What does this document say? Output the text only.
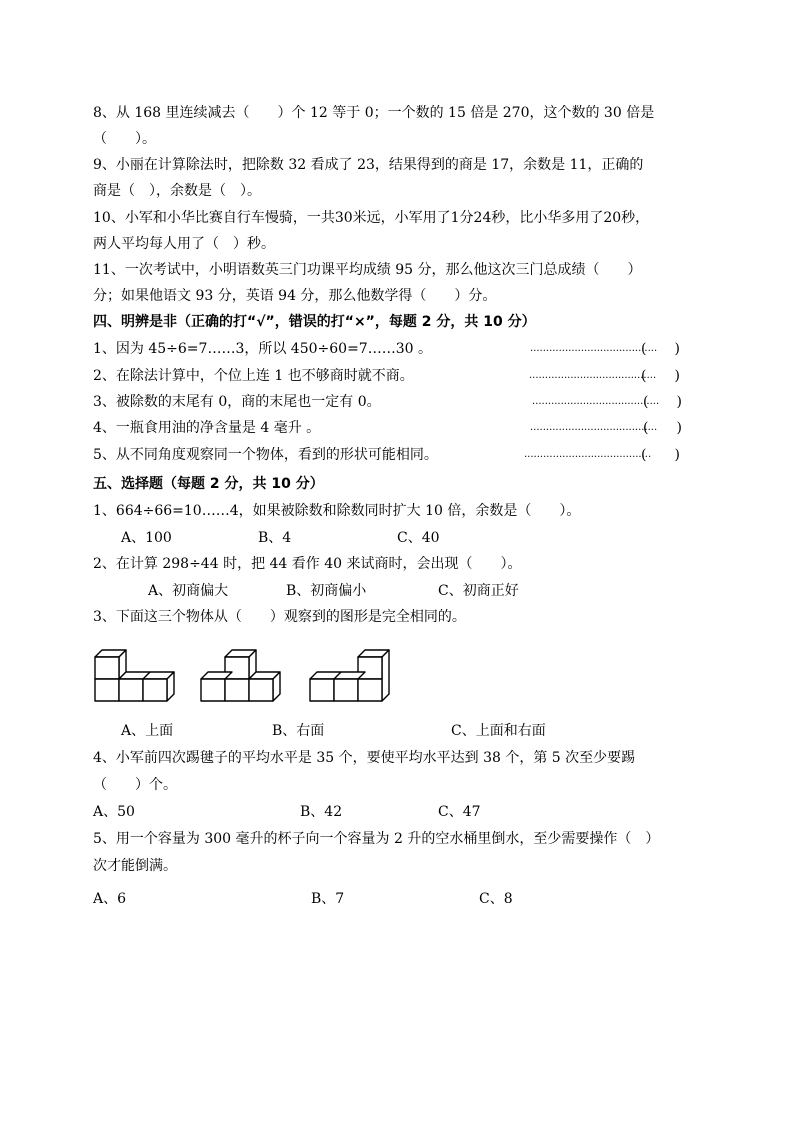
8、从 168 里连续减去（　　）个 12 等于 0；一个数的 15 倍是 270，这个数的 30 倍是
（　　）。
9、小丽在计算除法时，把除数 32 看成了 23，结果得到的商是 17，余数是 11，正确的
商是（　），余数是（　）。
10、小军和小华比赛自行车慢骑，一共30米远，小军用了1分24秒，比小华多用了20秒，
两人平均每人用了（　）秒。
11、一次考试中，小明语数英三门功课平均成绩 95 分，那么他这次三门总成绩（　　）
分；如果他语文 93 分，英语 94 分，那么他数学得（　　）分。
四、明辨是非（正确的打“√”，错误的打“×”，每题 2 分，共 10 分）
1、因为 45÷6=7……3，所以 450÷60=7……30 。	........................................
(　　)
2、在除法计算中，个位上连 1 也不够商时就不商。	........................................
(　　)
3、被除数的末尾有 0，商的末尾也一定有 0。	........................................
(　　)
4、一瓶食用油的净含量是 4 毫升 。	........................................
(　　)
5、从不同角度观察同一个物体，看到的形状可能相同。	........................................
(　　)
五、选择题（每题 2 分，共 10 分）
1、664÷66=10……4，如果被除数和除数同时扩大 10 倍，余数是（　　）。
A、100	B、4	C、40
2、在计算 298÷44 时，把 44 看作 40 来试商时，会出现（　　）。
A、初商偏大	B、初商偏小	C、初商正好
3、下面这三个物体从（　　）观察到的图形是完全相同的。
A、上面	B、右面	C、上面和右面
4、小军前四次踢毽子的平均水平是 35 个，要使平均水平达到 38 个，第 5 次至少要踢
（　　）个。
A、50	B、42	C、47
5、用一个容量为 300 毫升的杯子向一个容量为 2 升的空水桶里倒水，至少需要操作（　）
次才能倒满。
A、6	B、7	C、8
